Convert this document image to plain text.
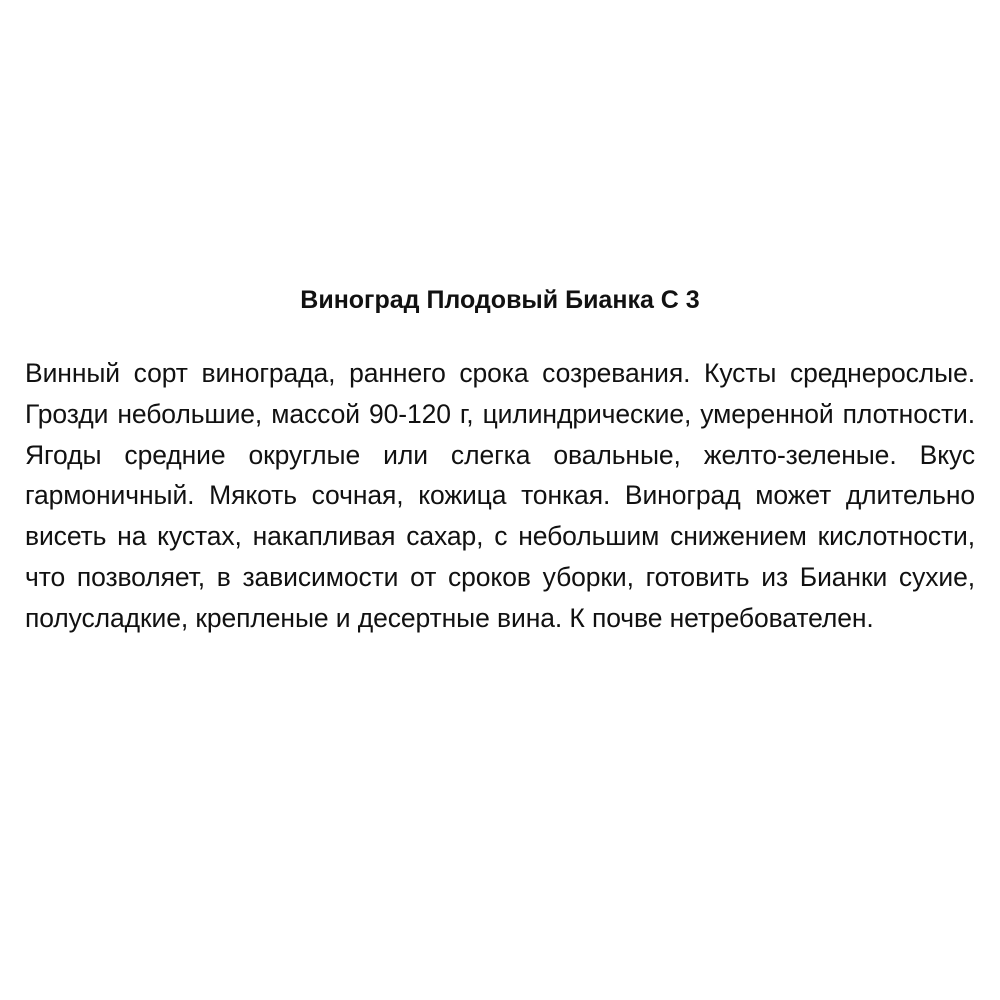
Виноград Плодовый Бианка С 3

Винный сорт винограда, раннего срока созревания. Кусты среднерослые. Грозди небольшие, массой 90-120 г, цилиндрические, умеренной плотности. Ягоды средние округлые или слегка овальные, желто-зеленые. Вкус гармоничный. Мякоть сочная, кожица тонкая. Виноград может длительно висеть на кустах, накапливая сахар, с небольшим снижением кислотности, что позволяет, в зависимости от сроков уборки, готовить из Бианки сухие, полусладкие, крепленые и десертные вина. К почве нетребователен.
